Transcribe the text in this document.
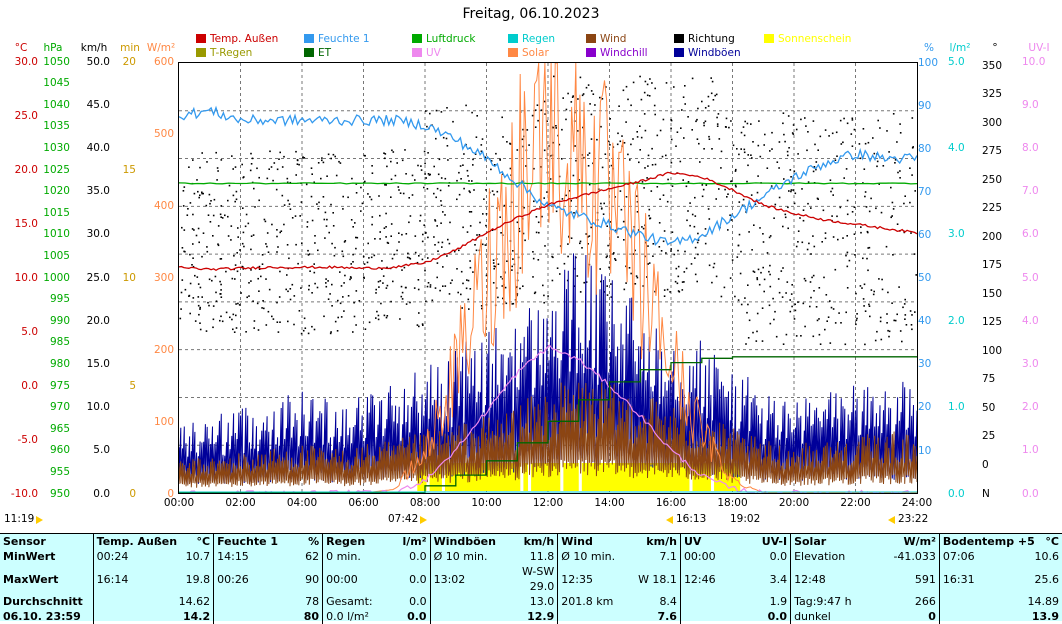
Freitag, 06.10.2023
Temp. Außen	Feuchte 1	Luftdruck	Regen	Wind	Richtung	Sonnenschein
T-Regen	ET	UV	Solar	Windchill	Windböen
°C	hPa	km/h	min W/m²
30.0
25.0
20.0
15.0
10.0
5.0
0.0
-5.0
-10.0
1050
1045
1040
1035
1030
1025
1020
1015
1010
1005
1000
995
990
985
980
975
970
965
960
955
950
50.0
45.0
40.0
35.0
30.0
25.0
20.0
15.0
10.0
5.0
0.0
20
15
10
5
0
600
500
400
300
200
100
0
%	l/m²	°	UV-I
100
90
80
70
60
50
40
30
20
10
5.0
4.0
3.0
2.0
1.0
0.0
350
325
300
275
250
225
200
175
150
125
100
75
50
25
0
N
10.0
9.0
8.0
7.0
6.0
5.0
4.0
3.0
2.0
1.0
0.0
00:00	02:00	04:00	06:00	08:00	10:00	12:00	14:00	16:00	18:00	20:00	22:00	24:00
11:19	07:42	16:13 19:02	23:22
Sensor	Temp. Außen °C		Feuchte 1 %		Regen l/m²		Windböen km/h		Wind km/h		UV UV-I		Solar W/m²		Bodentemp +5 °C	

MinWert	00:24	10.7	14:15	62	0 min.	0.0	Ø 10 min.	11.8	Ø 10 min.	7.1	00:00	0.0	Elevation	-41.033	07:06	10.6
MaxWert	16:14	19.8	00:26	90	00:00	0.0	13:02	W-SW 29.0	12:35	W 18.1	12:46	3.4	12:48	591	16:31	25.6
Durchschnitt		14.62		78	Gesamt:	0.0		13.0	201.8 km	8.4		1.9	Tag:9:47 h	266		14.89
06.10. 23:59		14.2		80	0.0 l/m²	0.0		12.9		7.6		0.0	dunkel	0		13.9
